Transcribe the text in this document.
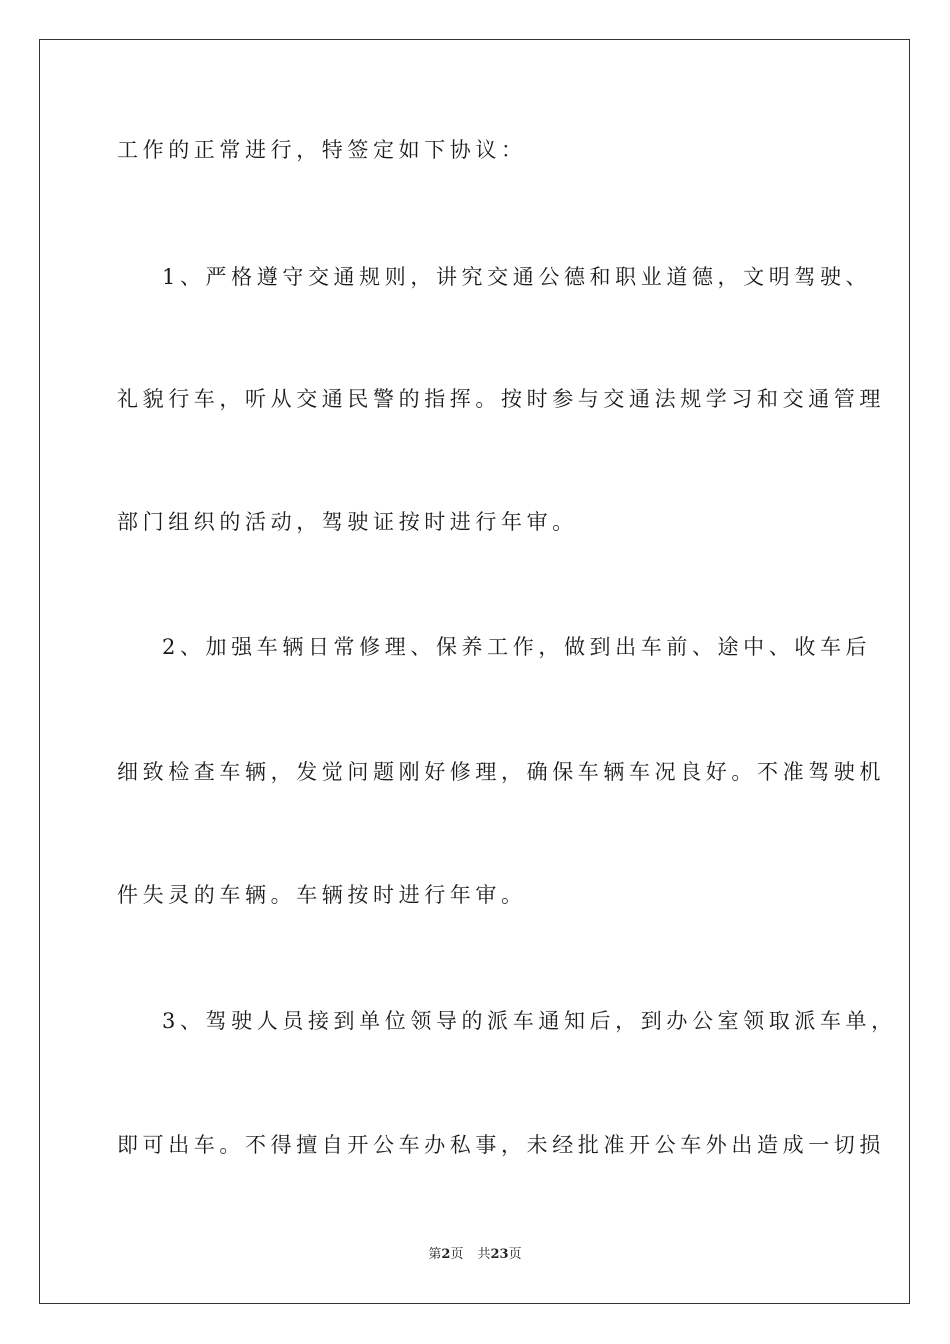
工作的正常进行，特签定如下协议：
1、严格遵守交通规则，讲究交通公德和职业道德，文明驾驶、
礼貌行车，听从交通民警的指挥。按时参与交通法规学习和交通管理
部门组织的活动，驾驶证按时进行年审。
2、加强车辆日常修理、保养工作，做到出车前、途中、收车后
细致检查车辆，发觉问题刚好修理，确保车辆车况良好。不准驾驶机
件失灵的车辆。车辆按时进行年审。
3、驾驶人员接到单位领导的派车通知后，到办公室领取派车单，
即可出车。不得擅自开公车办私事，未经批准开公车外出造成一切损
第2页 共23页
